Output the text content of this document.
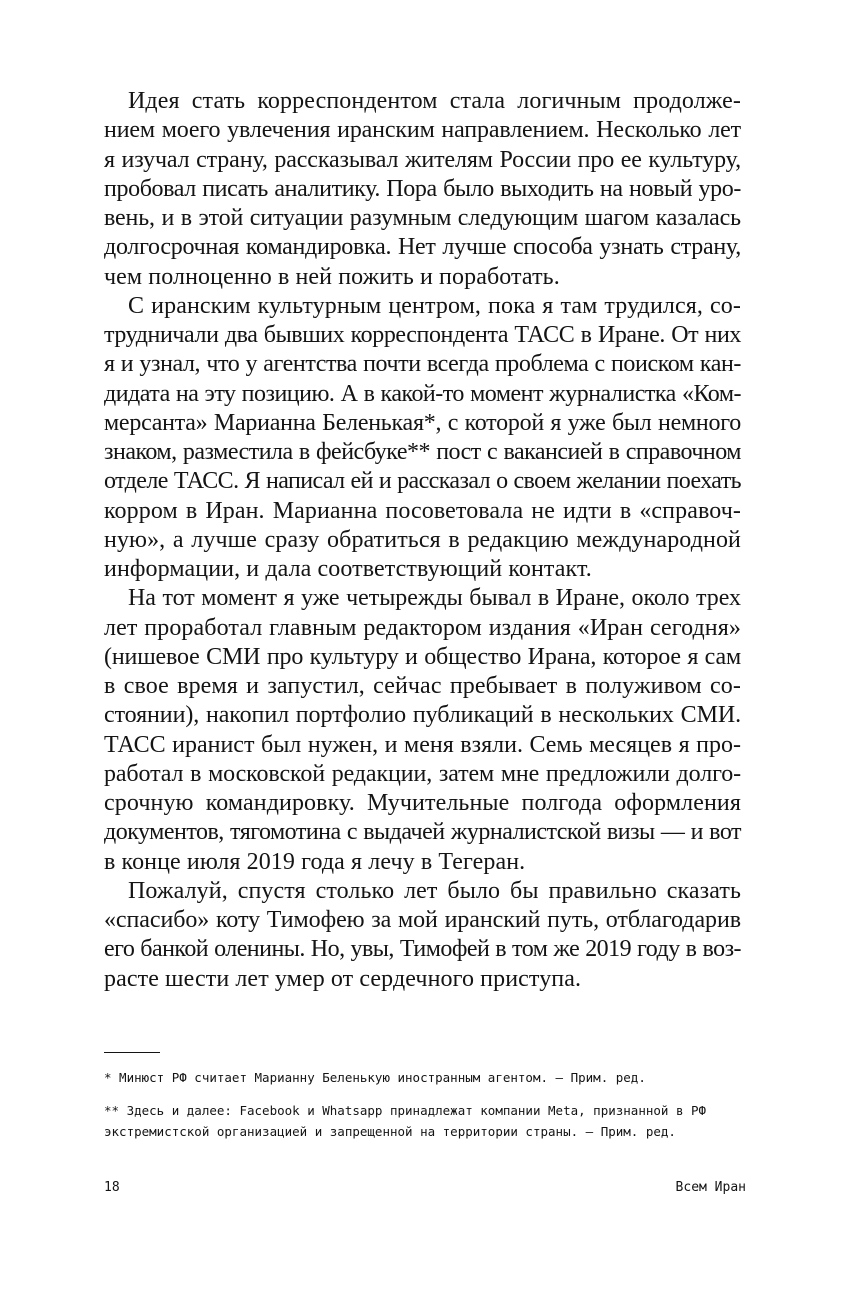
Идея стать корреспондентом стала логичным продолже-
нием моего увлечения иранским направлением. Несколько лет
я изучал страну, рассказывал жителям России про ее культуру,
пробовал писать аналитику. Пора было выходить на новый уро-
вень, и в этой ситуации разумным следующим шагом казалась
долгосрочная командировка. Нет лучше способа узнать страну,
чем полноценно в ней пожить и поработать.
С иранским культурным центром, пока я там трудился, со-
трудничали два бывших корреспондента ТАСС в Иране. От них
я и узнал, что у агентства почти всегда проблема с поиском кан-
дидата на эту позицию. А в какой-то момент журналистка «Ком-
мерсанта» Марианна Беленькая*, с которой я уже был немного
знаком, разместила в фейсбуке** пост с вакансией в справочном
отделе ТАСС. Я написал ей и рассказал о своем желании поехать
корром в Иран. Марианна посоветовала не идти в «справоч-
ную», а лучше сразу обратиться в редакцию международной
информации, и дала соответствующий контакт.
На тот момент я уже четырежды бывал в Иране, около трех
лет проработал главным редактором издания «Иран сегодня»
(нишевое СМИ про культуру и общество Ирана, которое я сам
в свое время и запустил, сейчас пребывает в полуживом со-
стоянии), накопил портфолио публикаций в нескольких СМИ.
ТАСС иранист был нужен, и меня взяли. Семь месяцев я про-
работал в московской редакции, затем мне предложили долго-
срочную командировку. Мучительные полгода оформления
документов, тягомотина с выдачей журналистской визы — и вот
в конце июля 2019 года я лечу в Тегеран.
Пожалуй, спустя столько лет было бы правильно сказать
«спасибо» коту Тимофею за мой иранский путь, отблагодарив
его банкой оленины. Но, увы, Тимофей в том же 2019 году в воз-
расте шести лет умер от сердечного приступа.
* Минюст РФ считает Марианну Беленькую иностранным агентом. — Прим. ред.
** Здесь и далее: Facebook и Whatsapp принадлежат компании Meta, признанной в РФ
экстремистской организацией и запрещенной на территории страны. — Прим. ред.
18	Всем Иран
